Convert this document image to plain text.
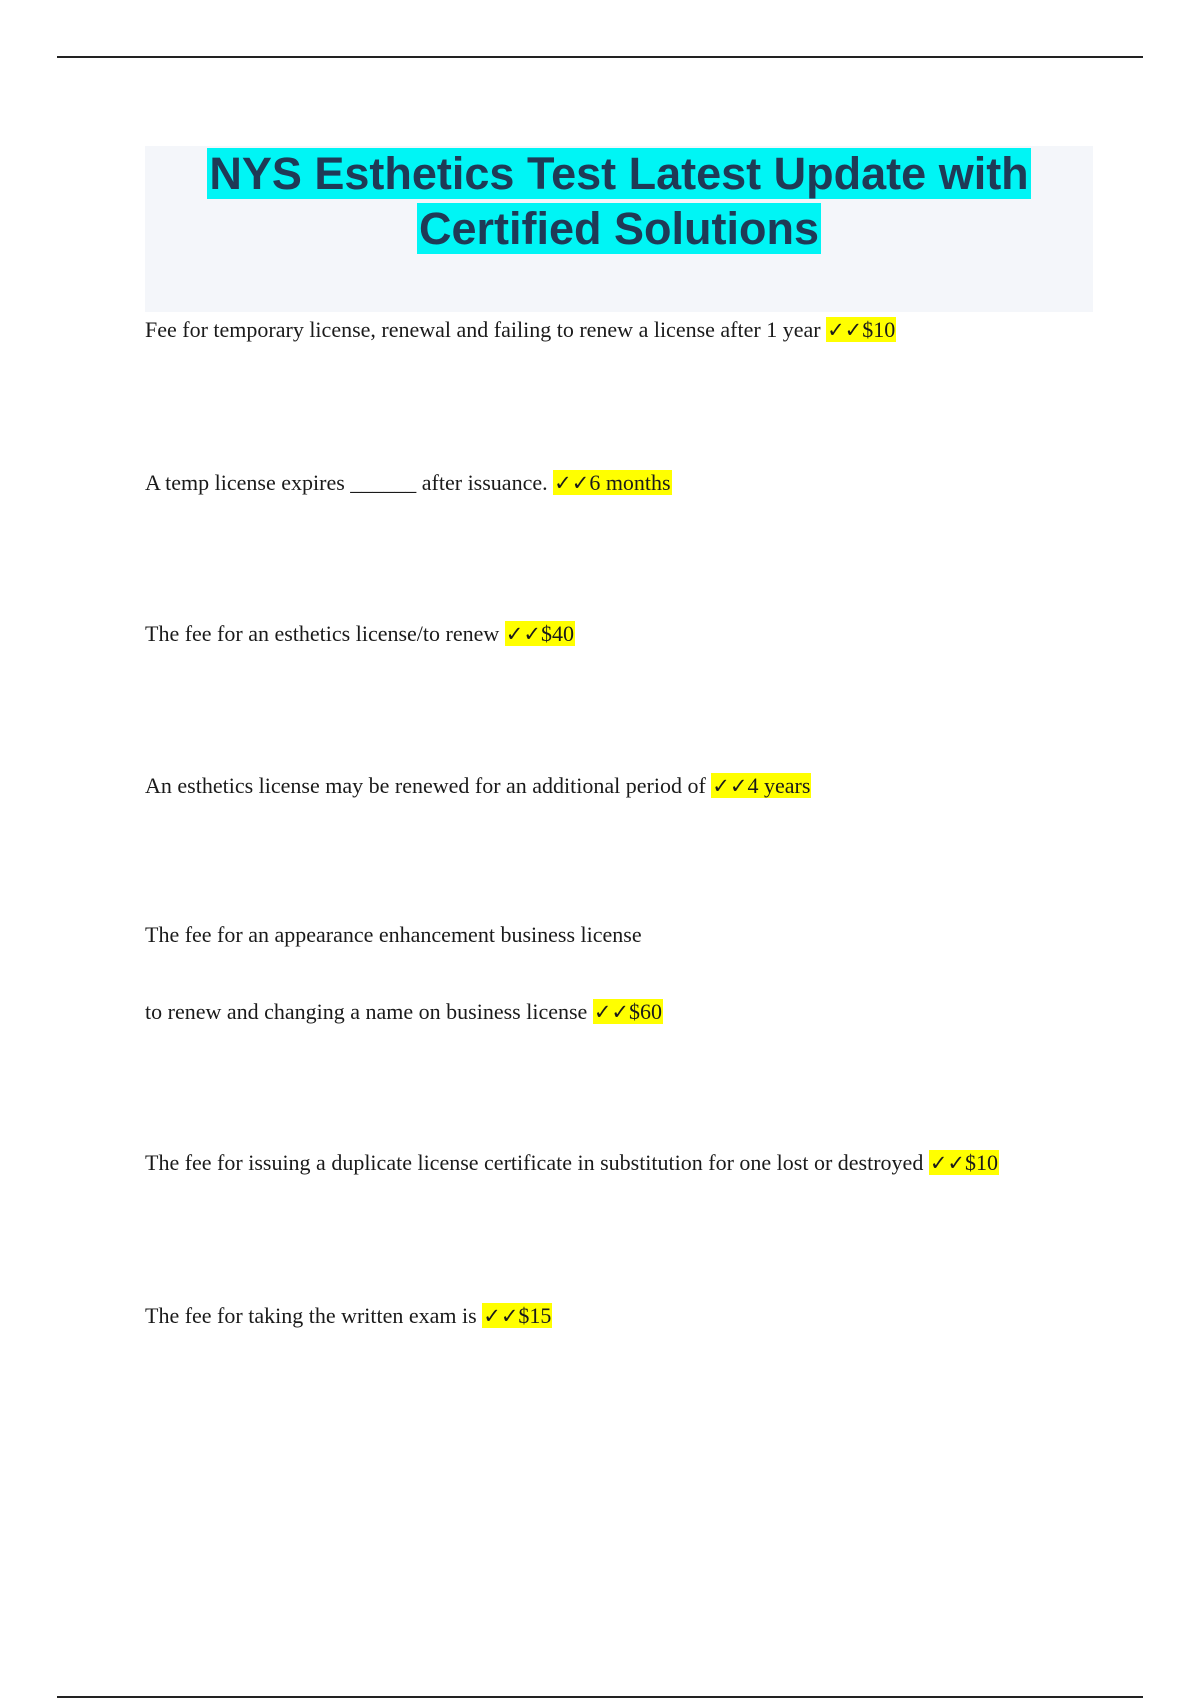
NYS Esthetics Test Latest Update with Certified Solutions
Fee for temporary license, renewal and failing to renew a license after 1 year ✓✓$10
A temp license expires ______ after issuance. ✓✓6 months
The fee for an esthetics license/to renew ✓✓$40
An esthetics license may be renewed for an additional period of ✓✓4 years
The fee for an appearance enhancement business license
to renew and changing a name on business license ✓✓$60
The fee for issuing a duplicate license certificate in substitution for one lost or destroyed ✓✓$10
The fee for taking the written exam is ✓✓$15
